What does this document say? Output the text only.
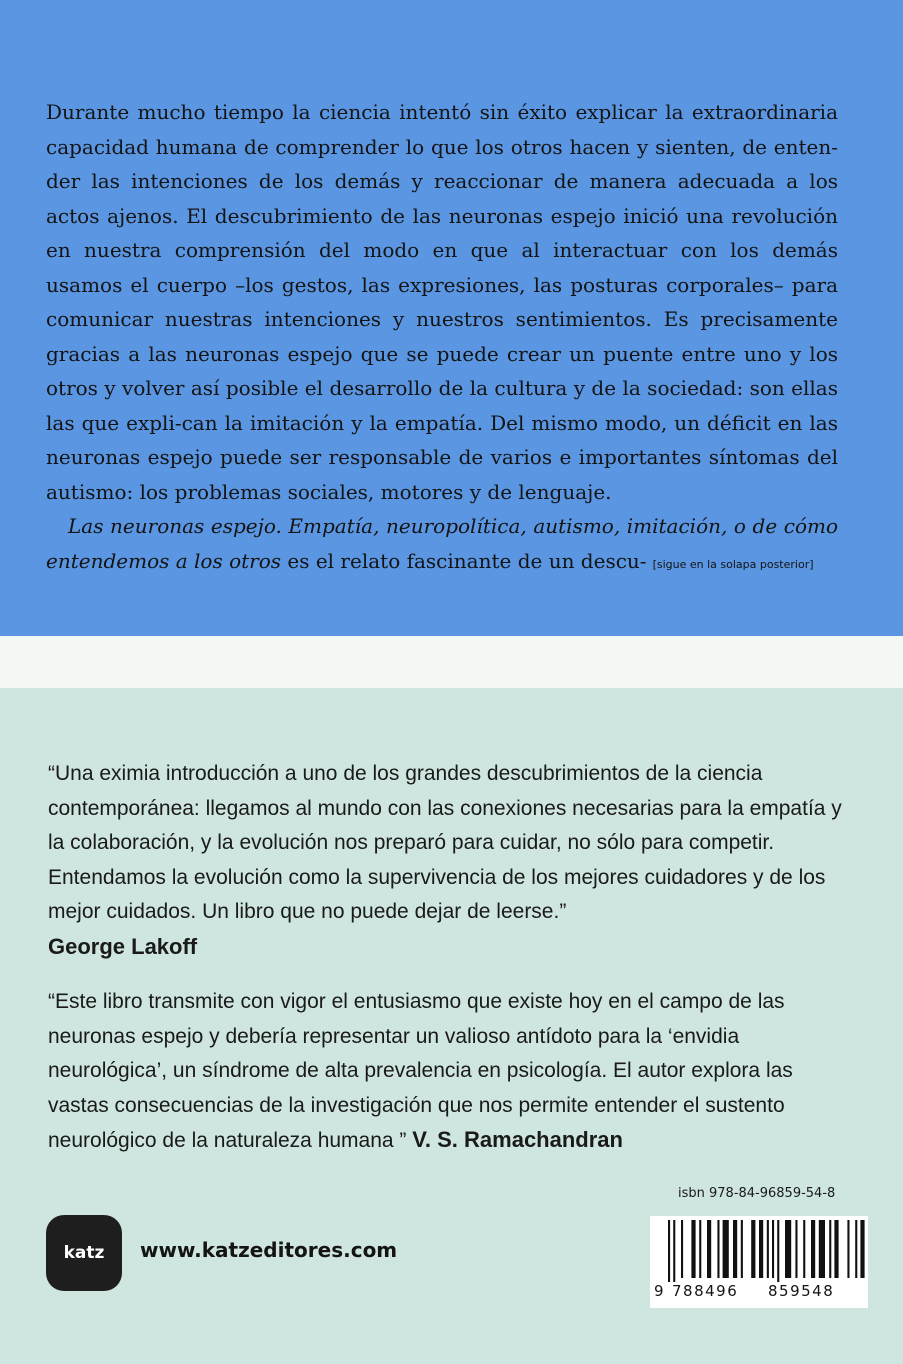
Durante mucho tiempo la ciencia intentó sin éxito explicar la extraordinaria capacidad humana de comprender lo que los otros hacen y sienten, de enten-der las intenciones de los demás y reaccionar de manera adecuada a los actos ajenos. El descubrimiento de las neuronas espejo inició una revolución en nuestra comprensión del modo en que al interactuar con los demás usamos el cuerpo –los gestos, las expresiones, las posturas corporales– para comunicar nuestras intenciones y nuestros sentimientos. Es precisamente gracias a las neuronas espejo que se puede crear un puente entre uno y los otros y volver así posible el desarrollo de la cultura y de la sociedad: son ellas las que expli-can la imitación y la empatía. Del mismo modo, un déficit en las neuronas espejo puede ser responsable de varios e importantes síntomas del autismo: los problemas sociales, motores y de lenguaje.

Las neuronas espejo. Empatía, neuropolítica, autismo, imitación, o de cómo entendemos a los otros es el relato fascinante de un descu- [sigue en la solapa posterior]

“Una eximia introducción a uno de los grandes descubrimientos de la ciencia contemporánea: llegamos al mundo con las conexiones necesarias para la empatía y la colaboración, y la evolución nos preparó para cuidar, no sólo para competir. Entendamos la evolución como la supervivencia de los mejores cuidadores y de los mejor cuidados. Un libro que no puede dejar de leerse.”
George Lakoff
“Este libro transmite con vigor el entusiasmo que existe hoy en el campo de las neuronas espejo y debería representar un valioso antídoto para la ‘envidia neurológica’, un síndrome de alta prevalencia en psicología. El autor explora las vastas consecuencias de la investigación que nos permite entender el sustento neurológico de la naturaleza humana ” V. S. Ramachandran
isbn 978-84-96859-54-8
9 788496 859548
katz www.katzeditores.com
